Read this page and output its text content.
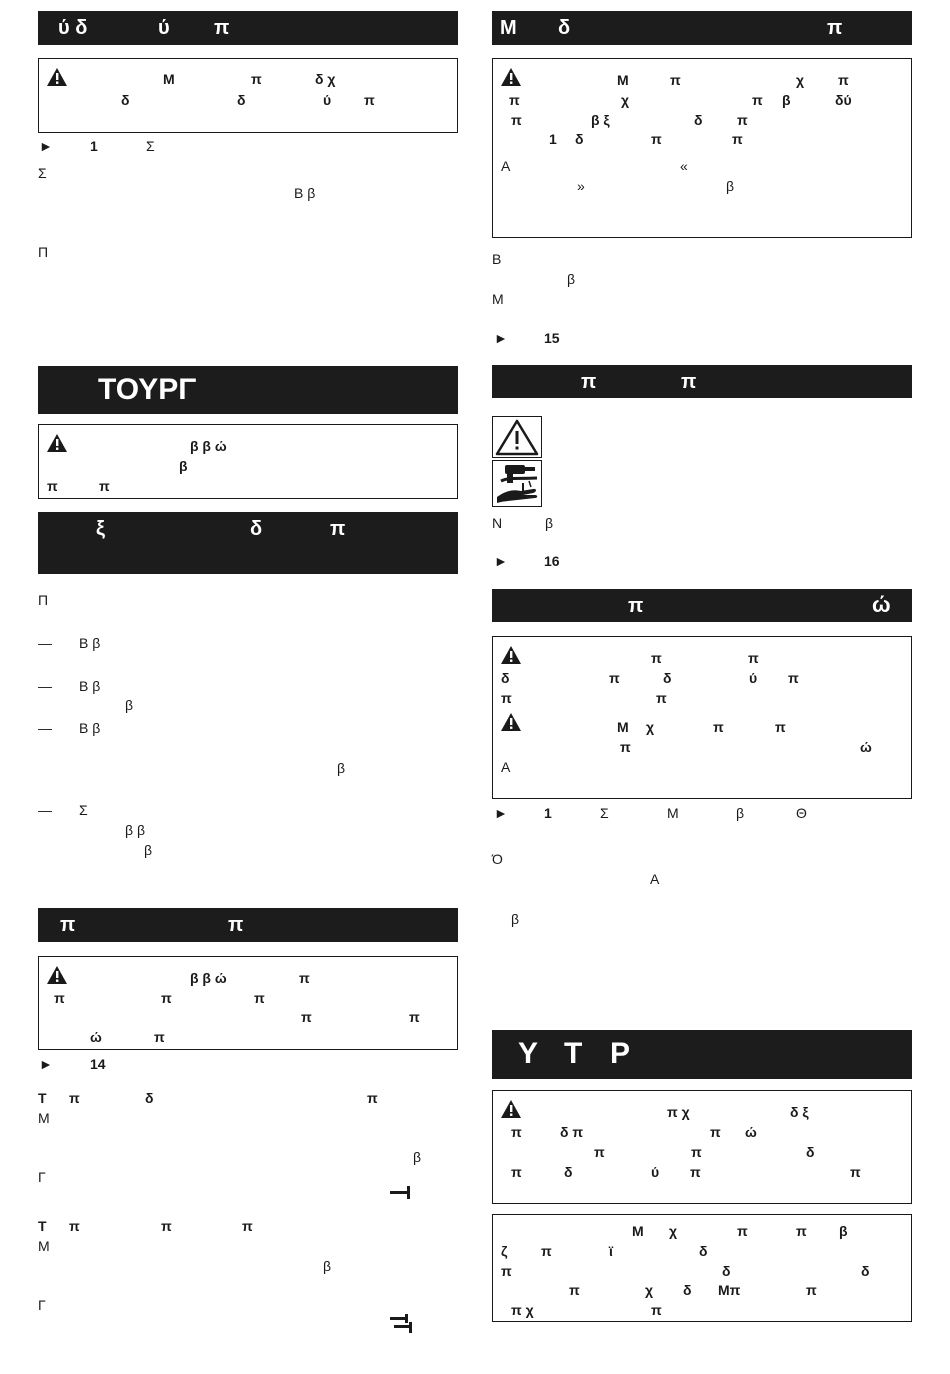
ύ δ	ύ π
Μ	π	δ χ
δ	δ	ύ π
►	1	Σ
Σ
Β β
Π
ΤΟΥΡΓ
β β ώ
β
π	π
ξ	δ	π
Π
— Β β
— Β β
β
— Β β
β
— Σ
β β
β
π	π
β β ώ	π
π	π	π
π	π
ώ	π
►	14
Τ π	δ	π
Μ
β
Γ
Τ π	π	π
Μ
β
Γ
Μ δ	π
Μ	π	χ π
π	χ	π β	δύ
π	β ξ	δ π
1 δ	π	π
Α	«
»	β
Β
β
Μ
►	15
π	π
Ν	β
►	16
π	ώ
π	π
δ	π	δ	ύ π
π	π
Μ χ	π	π
π	ώ
Α
►	1	Σ	Μ	β	Θ
Ό
Α
β
Υ Τ Ρ
π χ	δ ξ
π	δ π	π ώ
π	π	δ
π	δ	ύ π	π
Μ χ	π	π β
ζ π	ϊ	δ
π	δ	δ
π	χ δ Μπ	π
π χ	π
